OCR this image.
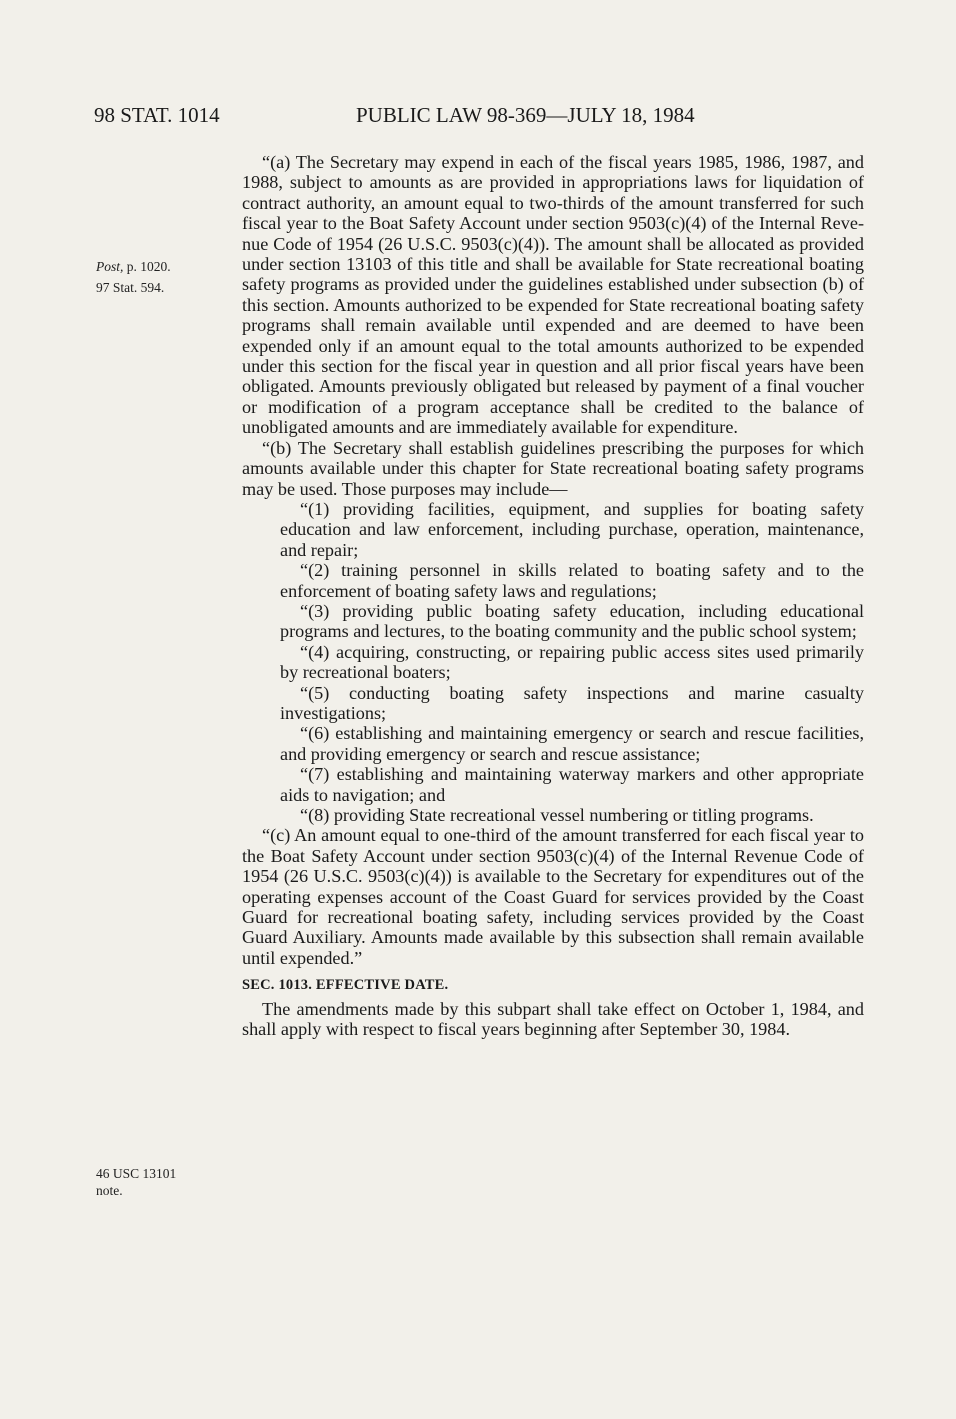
98 STAT. 1014	PUBLIC LAW 98-369—JULY 18, 1984
Post, p. 1020.
97 Stat. 594.
46 USC 13101
note.

“(a) The Secretary may expend in each of the fiscal years 1985, 1986, 1987, and 1988, subject to amounts as are provided in appropriations laws for liquidation of contract authority, an amount equal to two-thirds of the amount transferred for such fiscal year to the Boat Safety Account under section 9503(c)(4) of the Internal Revenue Code of 1954 (26 U.S.C. 9503(c)(4)). The amount shall be allocated as provided under section 13103 of this title and shall be available for State recreational boating safety programs as provided under the guidelines established under subsection (b) of this section. Amounts authorized to be expended for State recreational boating safety programs shall remain available until expended and are deemed to have been expended only if an amount equal to the total amounts authorized to be expended under this section for the fiscal year in question and all prior fiscal years have been obligated. Amounts previously obligated but released by payment of a final voucher or modification of a program acceptance shall be credited to the balance of unobligated amounts and are immediately available for expenditure.

“(b) The Secretary shall establish guidelines prescribing the purposes for which amounts available under this chapter for State recreational boating safety programs may be used. Those purposes may include—

“(1) providing facilities, equipment, and supplies for boating safety education and law enforcement, including purchase, operation, maintenance, and repair;

“(2) training personnel in skills related to boating safety and to the enforcement of boating safety laws and regulations;

“(3) providing public boating safety education, including educational programs and lectures, to the boating community and the public school system;

“(4) acquiring, constructing, or repairing public access sites used primarily by recreational boaters;

“(5) conducting boating safety inspections and marine casualty investigations;

“(6) establishing and maintaining emergency or search and rescue facilities, and providing emergency or search and rescue assistance;

“(7) establishing and maintaining waterway markers and other appropriate aids to navigation; and

“(8) providing State recreational vessel numbering or titling programs.

“(c) An amount equal to one-third of the amount transferred for each fiscal year to the Boat Safety Account under section 9503(c)(4) of the Internal Revenue Code of 1954 (26 U.S.C. 9503(c)(4)) is available to the Secretary for expenditures out of the operating expenses account of the Coast Guard for services provided by the Coast Guard for recreational boating safety, including services provided by the Coast Guard Auxiliary. Amounts made available by this subsection shall remain available until expended.”

SEC. 1013. EFFECTIVE DATE.

The amendments made by this subpart shall take effect on October 1, 1984, and shall apply with respect to fiscal years beginning after September 30, 1984.
